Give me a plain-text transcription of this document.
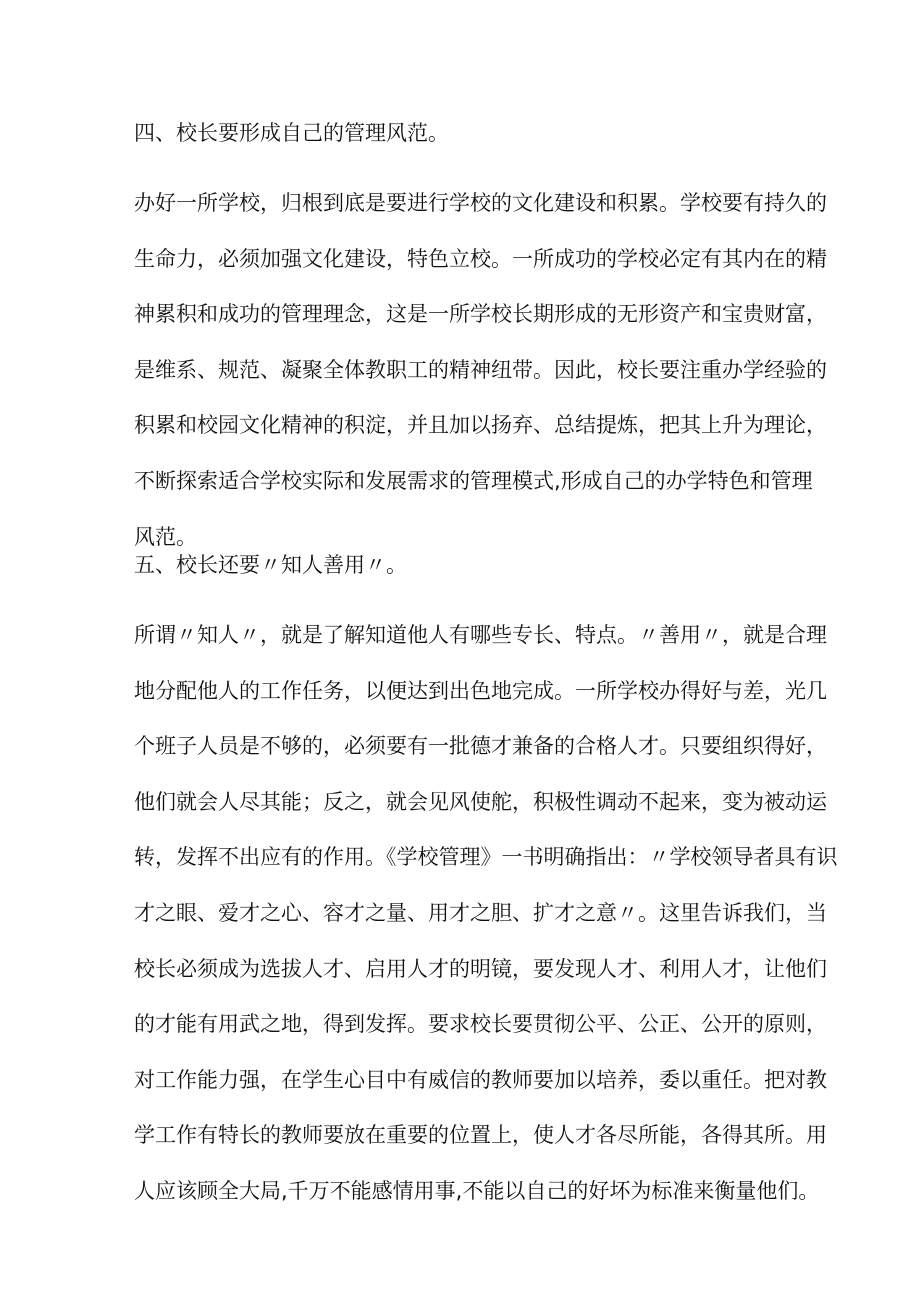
四、校长要形成自己的管理风范。
办好一所学校，归根到底是要进行学校的文化建设和积累。学校要有持久的
生命力，必须加强文化建设，特色立校。一所成功的学校必定有其内在的精
神累积和成功的管理理念，这是一所学校长期形成的无形资产和宝贵财富，
是维系、规范、凝聚全体教职工的精神纽带。因此，校长要注重办学经验的
积累和校园文化精神的积淀，并且加以扬弃、总结提炼，把其上升为理论，
不断探索适合学校实际和发展需求的管理模式,形成自己的办学特色和管理
风范。
五、校长还要〃知人善用〃。
所谓〃知人〃，就是了解知道他人有哪些专长、特点。〃善用〃，就是合理
地分配他人的工作任务，以便达到出色地完成。一所学校办得好与差，光几
个班子人员是不够的，必须要有一批德才兼备的合格人才。只要组织得好，
他们就会人尽其能；反之，就会见风使舵，积极性调动不起来，变为被动运
转，发挥不出应有的作用。《学校管理》一书明确指出：〃学校领导者具有识
才之眼、爱才之心、容才之量、用才之胆、扩才之意〃。这里告诉我们，当
校长必须成为选拔人才、启用人才的明镜，要发现人才、利用人才，让他们
的才能有用武之地，得到发挥。要求校长要贯彻公平、公正、公开的原则，
对工作能力强，在学生心目中有威信的教师要加以培养，委以重任。把对教
学工作有特长的教师要放在重要的位置上，使人才各尽所能，各得其所。用
人应该顾全大局,千万不能感情用事,不能以自己的好坏为标准来衡量他们。
